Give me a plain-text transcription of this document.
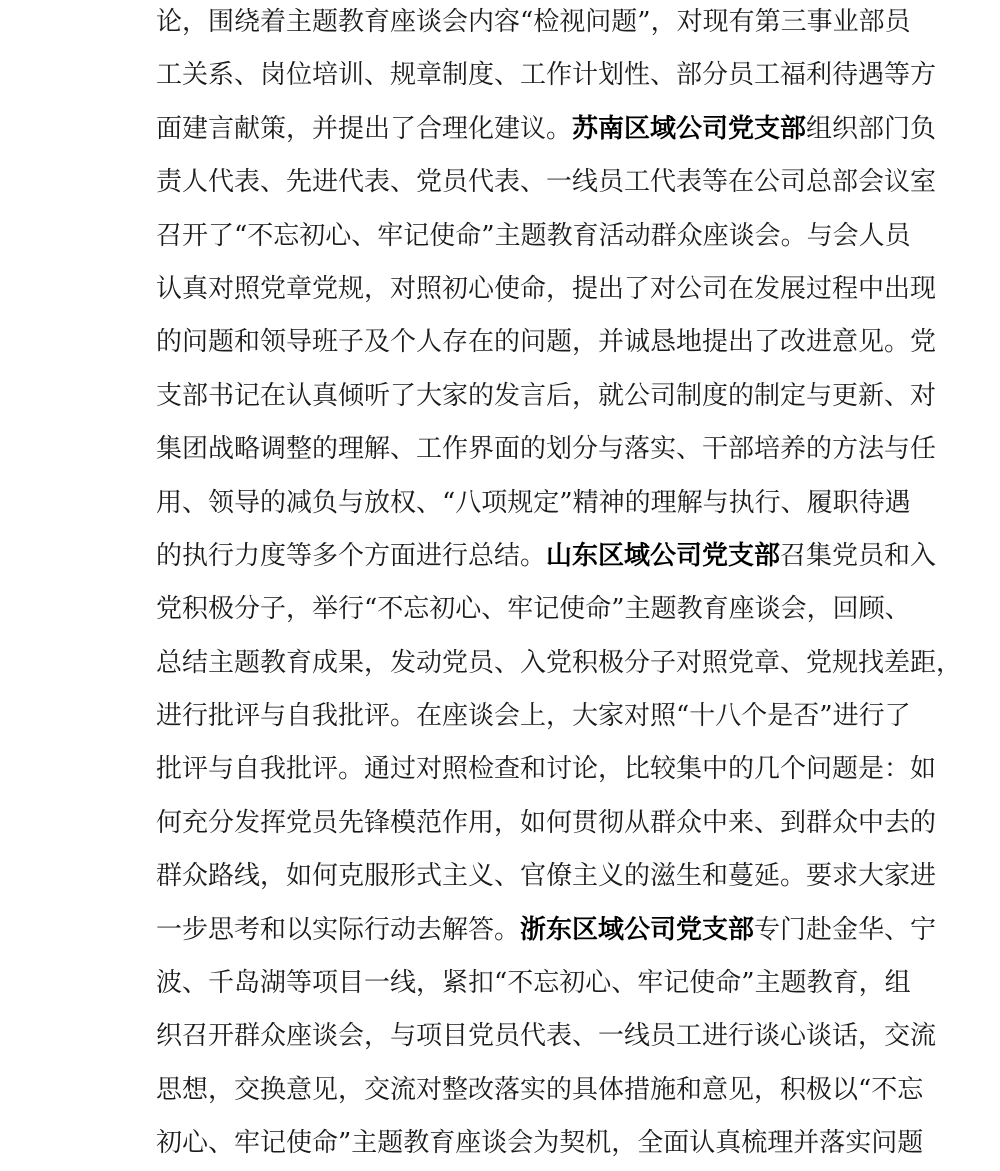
论，围绕着主题教育座谈会内容“检视问题”，对现有第三事业部员
工关系、岗位培训、规章制度、工作计划性、部分员工福利待遇等方
面建言献策，并提出了合理化建议。苏南区域公司党支部组织部门负
责人代表、先进代表、党员代表、一线员工代表等在公司总部会议室
召开了“不忘初心、牢记使命”主题教育活动群众座谈会。与会人员
认真对照党章党规，对照初心使命，提出了对公司在发展过程中出现
的问题和领导班子及个人存在的问题，并诚恳地提出了改进意见。党
支部书记在认真倾听了大家的发言后，就公司制度的制定与更新、对
集团战略调整的理解、工作界面的划分与落实、干部培养的方法与任
用、领导的减负与放权、“八项规定”精神的理解与执行、履职待遇
的执行力度等多个方面进行总结。山东区域公司党支部召集党员和入
党积极分子，举行“不忘初心、牢记使命”主题教育座谈会，回顾、
总结主题教育成果，发动党员、入党积极分子对照党章、党规找差距，
进行批评与自我批评。在座谈会上，大家对照“十八个是否”进行了
批评与自我批评。通过对照检查和讨论，比较集中的几个问题是：如
何充分发挥党员先锋模范作用，如何贯彻从群众中来、到群众中去的
群众路线，如何克服形式主义、官僚主义的滋生和蔓延。要求大家进
一步思考和以实际行动去解答。浙东区域公司党支部专门赴金华、宁
波、千岛湖等项目一线，紧扣“不忘初心、牢记使命”主题教育，组
织召开群众座谈会，与项目党员代表、一线员工进行谈心谈话，交流
思想，交换意见，交流对整改落实的具体措施和意见，积极以“不忘
初心、牢记使命”主题教育座谈会为契机，全面认真梳理并落实问题
